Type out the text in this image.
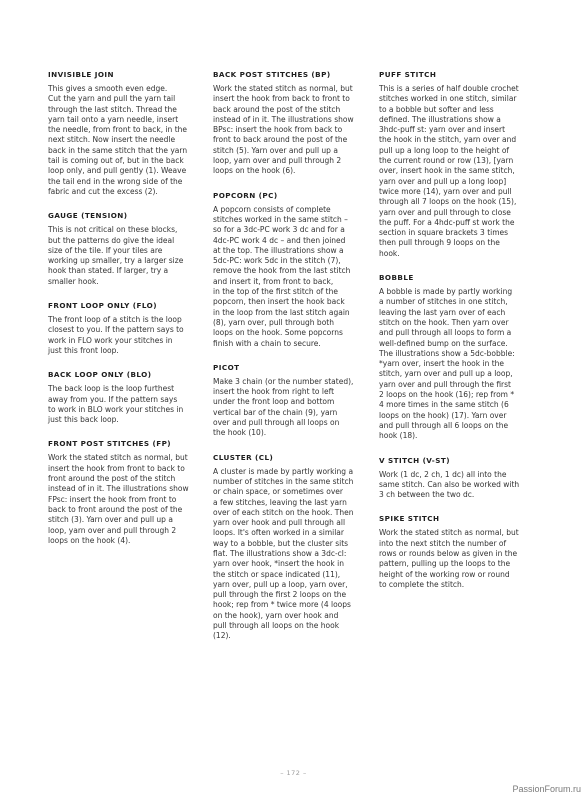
INVISIBLE JOIN

This gives a smooth even edge.
Cut the yarn and pull the yarn tail
through the last stitch. Thread the
yarn tail onto a yarn needle, insert
the needle, from front to back, in the
next stitch. Now insert the needle
back in the same stitch that the yarn
tail is coming out of, but in the back
loop only, and pull gently (1). Weave
the tail end in the wrong side of the
fabric and cut the excess (2).

GAUGE (TENSION)

This is not critical on these blocks,
but the patterns do give the ideal
size of the tile. If your tiles are
working up smaller, try a larger size
hook than stated. If larger, try a
smaller hook.

FRONT LOOP ONLY (FLO)

The front loop of a stitch is the loop
closest to you. If the pattern says to
work in FLO work your stitches in
just this front loop.

BACK LOOP ONLY (BLO)

The back loop is the loop furthest
away from you. If the pattern says
to work in BLO work your stitches in
just this back loop.

FRONT POST STITCHES (FP)

Work the stated stitch as normal, but
insert the hook from front to back to
front around the post of the stitch
instead of in it. The illustrations show
FPsc: insert the hook from front to
back to front around the post of the
stitch (3). Yarn over and pull up a
loop, yarn over and pull through 2
loops on the hook (4).

BACK POST STITCHES (BP)

Work the stated stitch as normal, but
insert the hook from back to front to
back around the post of the stitch
instead of in it. The illustrations show
BPsc: insert the hook from back to
front to back around the post of the
stitch (5). Yarn over and pull up a
loop, yarn over and pull through 2
loops on the hook (6).

POPCORN (PC)

A popcorn consists of complete
stitches worked in the same stitch –
so for a 3dc-PC work 3 dc and for a
4dc-PC work 4 dc – and then joined
at the top. The illustrations show a
5dc-PC: work 5dc in the stitch (7),
remove the hook from the last stitch
and insert it, from front to back,
in the top of the first stitch of the
popcorn, then insert the hook back
in the loop from the last stitch again
(8), yarn over, pull through both
loops on the hook. Some popcorns
finish with a chain to secure.

PICOT

Make 3 chain (or the number stated),
insert the hook from right to left
under the front loop and bottom
vertical bar of the chain (9), yarn
over and pull through all loops on
the hook (10).

CLUSTER (CL)

A cluster is made by partly working a
number of stitches in the same stitch
or chain space, or sometimes over
a few stitches, leaving the last yarn
over of each stitch on the hook. Then
yarn over hook and pull through all
loops. It's often worked in a similar
way to a bobble, but the cluster sits
flat. The illustrations show a 3dc-cl:
yarn over hook, *insert the hook in
the stitch or space indicated (11),
yarn over, pull up a loop, yarn over,
pull through the first 2 loops on the
hook; rep from * twice more (4 loops
on the hook), yarn over hook and
pull through all loops on the hook
(12).

PUFF STITCH

This is a series of half double crochet
stitches worked in one stitch, similar
to a bobble but softer and less
defined. The illustrations show a
3hdc-puff st: yarn over and insert
the hook in the stitch, yarn over and
pull up a long loop to the height of
the current round or row (13), [yarn
over, insert hook in the same stitch,
yarn over and pull up a long loop]
twice more (14), yarn over and pull
through all 7 loops on the hook (15),
yarn over and pull through to close
the puff. For a 4hdc-puff st work the
section in square brackets 3 times
then pull through 9 loops on the
hook.

BOBBLE

A bobble is made by partly working
a number of stitches in one stitch,
leaving the last yarn over of each
stitch on the hook. Then yarn over
and pull through all loops to form a
well-defined bump on the surface.
The illustrations show a 5dc-bobble:
*yarn over, insert the hook in the
stitch, yarn over and pull up a loop,
yarn over and pull through the first
2 loops on the hook (16); rep from *
4 more times in the same stitch (6
loops on the hook) (17). Yarn over
and pull through all 6 loops on the
hook (18).

V STITCH (V-ST)

Work (1 dc, 2 ch, 1 dc) all into the
same stitch. Can also be worked with
3 ch between the two dc.

SPIKE STITCH

Work the stated stitch as normal, but
into the next stitch the number of
rows or rounds below as given in the
pattern, pulling up the loops to the
height of the working row or round
to complete the stitch.

– 172 –
PassionForum.ru
